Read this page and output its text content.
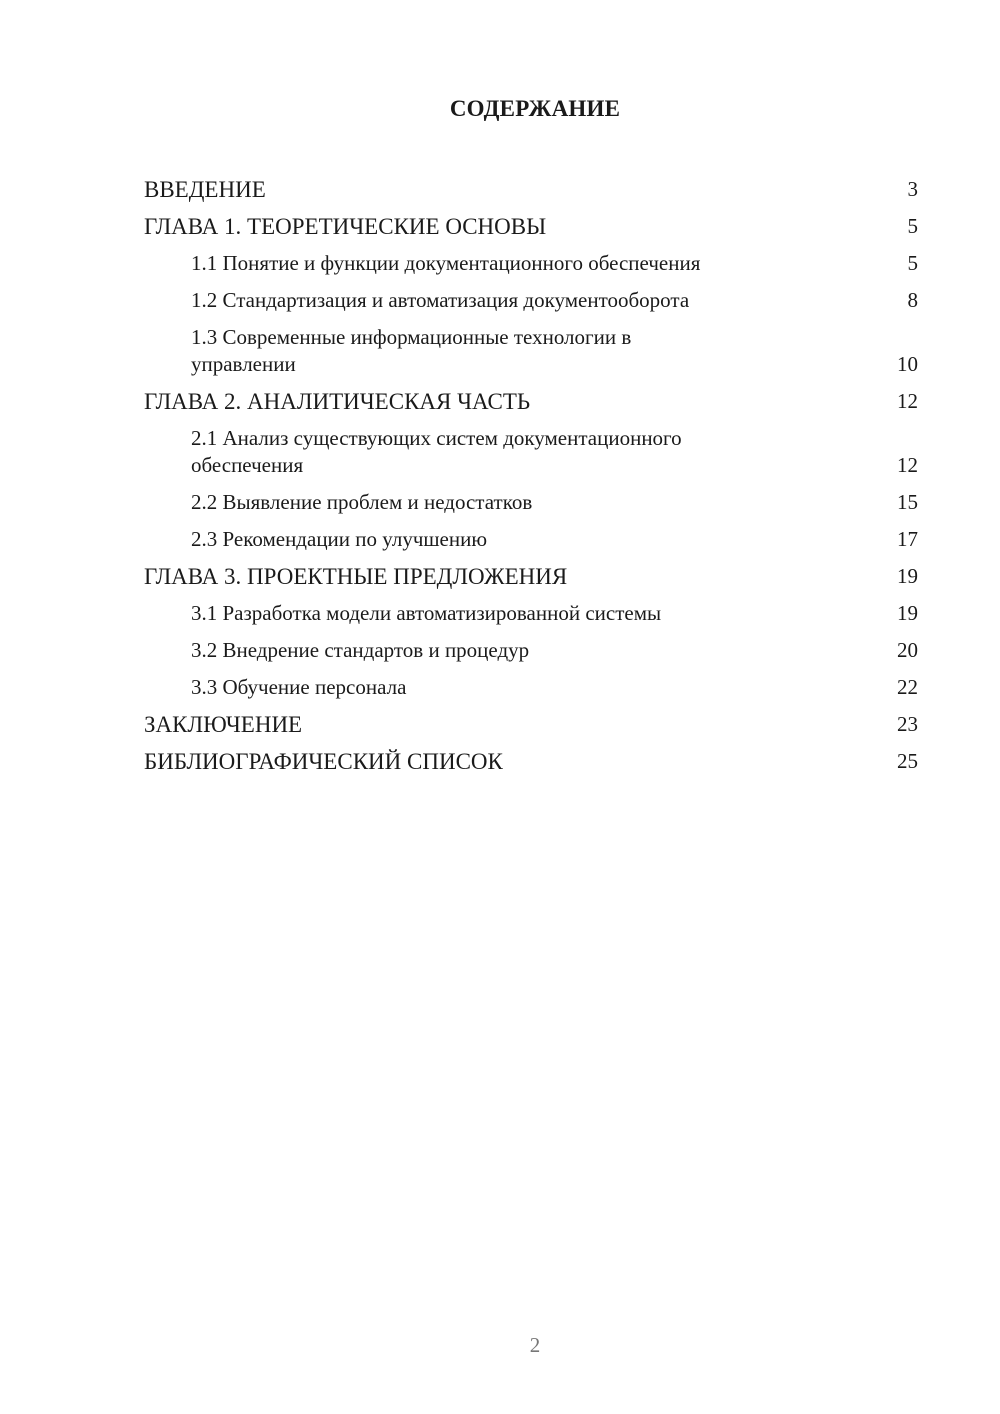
СОДЕРЖАНИЕ
ВВЕДЕНИЕ	3
ГЛАВА 1. ТЕОРЕТИЧЕСКИЕ ОСНОВЫ	5
1.1 Понятие и функции документационного обеспечения	5
1.2 Стандартизация и автоматизация документооборота	8
1.3 Современные информационные технологии в управлении	10
ГЛАВА 2. АНАЛИТИЧЕСКАЯ ЧАСТЬ	12
2.1 Анализ существующих систем документационного обеспечения	12
2.2 Выявление проблем и недостатков	15
2.3 Рекомендации по улучшению	17
ГЛАВА 3. ПРОЕКТНЫЕ ПРЕДЛОЖЕНИЯ	19
3.1 Разработка модели автоматизированной системы	19
3.2 Внедрение стандартов и процедур	20
3.3 Обучение персонала	22
ЗАКЛЮЧЕНИЕ	23
БИБЛИОГРАФИЧЕСКИЙ СПИСОК	25
2
